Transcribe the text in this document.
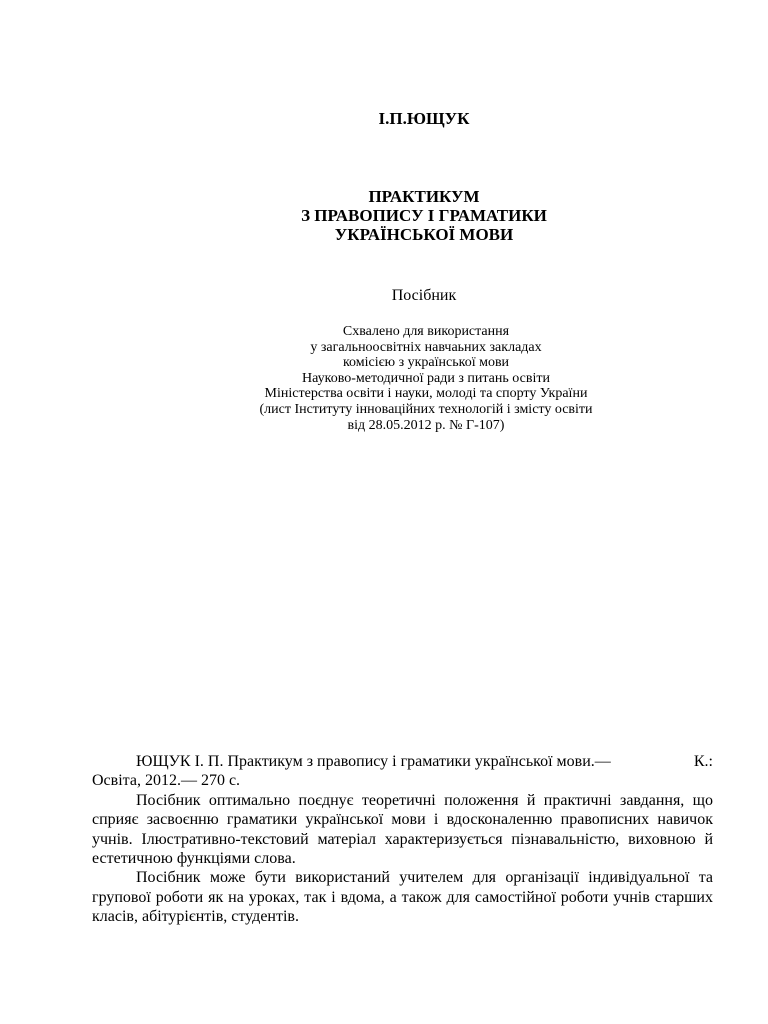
І.П.ЮЩУК
ПРАКТИКУМ
З ПРАВОПИСУ І ГРАМАТИКИ
УКРАЇНСЬКОЇ МОВИ
Посібник
Схвалено для використання
у загальноосвітніх навчаьних закладах
комісією з української мови
Науково-методичної ради з питань освіти
Міністерства освіти і науки, молоді та спорту України
(лист Інституту інноваційних технологій і змісту освіти
від 28.05.2012 р. № Г-107)
ЮЩУК І. П. Практикум з правопису і граматики української мови.—	К.:
Освіта, 2012.— 270 с.

Посібник оптимально поєднує теоретичні положення й практичні завдання, що сприяє засвоєнню граматики української мови і вдосконаленню правописних навичок учнів. Ілюстративно-текстовий матеріал характеризується пізнавальністю, виховною й естетичною функціями слова.

Посібник може бути використаний учителем для організації індивідуальної та групової роботи як на уроках, так і вдома, а також для самостійної роботи учнів старших класів, абітурієнтів, студентів.
